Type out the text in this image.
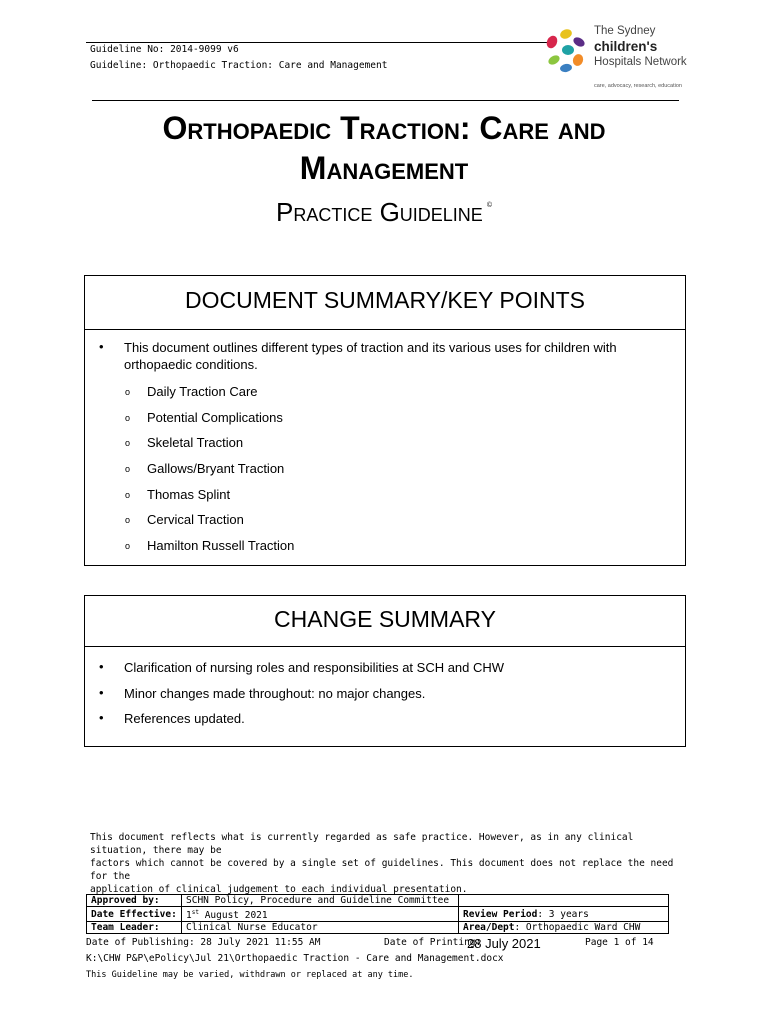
Guideline No: 2014-9099 v6
Guideline: Orthopaedic Traction: Care and Management
The Sydney
children's
Hospitals Network
care, advocacy, research, education
Orthopaedic Traction: Care and
Management
Practice Guideline ©
DOCUMENT SUMMARY/KEY POINTS
• This document outlines different types of traction and its various uses for children with
orthopaedic conditions.
o Daily Traction Care
o Potential Complications
o Skeletal Traction
o Gallows/Bryant Traction
o Thomas Splint
o Cervical Traction
o Hamilton Russell Traction
CHANGE SUMMARY
• Clarification of nursing roles and responsibilities at SCH and CHW
• Minor changes made throughout: no major changes.
• References updated.
This document reflects what is currently regarded as safe practice. However, as in any clinical situation, there may be
factors which cannot be covered by a single set of guidelines. This document does not replace the need for the
application of clinical judgement to each individual presentation.
Approved by:	SCHN Policy, Procedure and Guideline Committee	
Date Effective:	1st August 2021	Review Period: 3 years
Team Leader:	Clinical Nurse Educator	Area/Dept: Orthopaedic Ward CHW
Date of Publishing: 28 July 2021 11:55 AM	Date of Printing:
28 July 2021	Page 1 of 14
K:\CHW P&P\ePolicy\Jul 21\Orthopaedic Traction - Care and Management.docx
This Guideline may be varied, withdrawn or replaced at any time.
